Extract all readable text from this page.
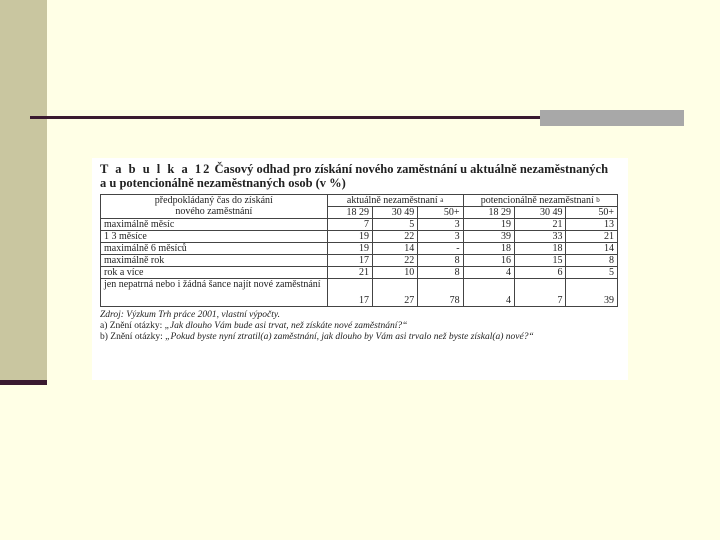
T a b u l k a 12 Časový odhad pro získání nového zaměstnání u aktuálně nezaměstnaných
a u potencionálně nezaměstnaných osob (v %)
předpokládaný čas do získání
nového zaměstnání	aktuálně nezaměstnaní $^a$			potencionálně nezaměstnaní $^b$
	18 29	30 49	50+	18 29	30 49	50+
maximálně měsíc	7	5	3	19	21	13
1 3 měsíce	19	22	3	39	33	21
maximálně 6 měsíců	19	14	-	18	18	14
maximálně rok	17	22	8	16	15	8
rok a více	21	10	8	4	6	5
jen nepatrná nebo i žádná šance najít nové zaměstnání	17	27	78	4	7	39
Zdroj: Výzkum Trh práce 2001, vlastní výpočty.
a) Znění otázky: „Jak dlouho Vám bude asi trvat, než získáte nové zaměstnání?“
b) Znění otázky: „Pokud byste nyní ztratil(a) zaměstnání, jak dlouho by Vám asi trvalo než byste získal(a) nové?“
